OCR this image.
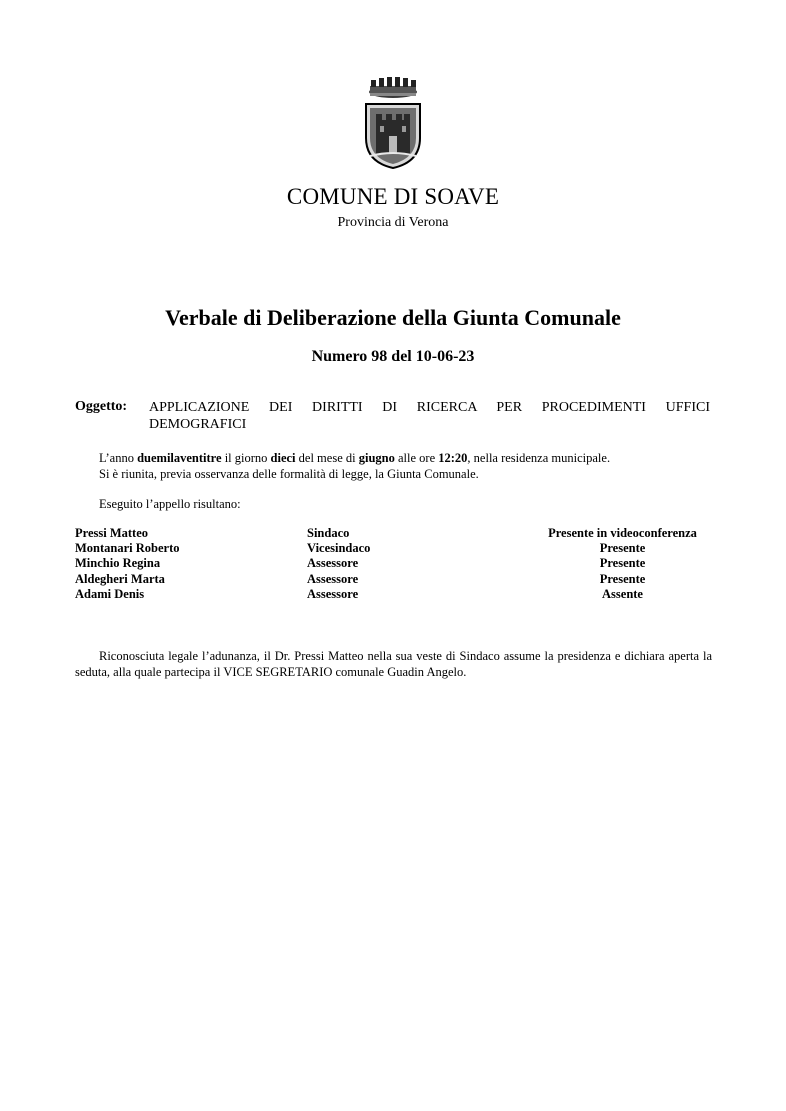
COMUNE DI SOAVE
Provincia di Verona
Verbale di Deliberazione della Giunta Comunale
Numero 98 del 10-06-23
Oggetto: APPLICAZIONE DEI DIRITTI DI RICERCA PER PROCEDIMENTI UFFICI
DEMOGRAFICI
L’anno duemilaventitre il giorno dieci del mese di giugno alle ore 12:20, nella residenza municipale.
Si è riunita, previa osservanza delle formalità di legge, la Giunta Comunale.
Eseguito l’appello risultano:
Pressi Matteo	Sindaco	Presente in videoconferenza
Montanari Roberto	Vicesindaco	Presente
Minchio Regina	Assessore	Presente
Aldegheri Marta	Assessore	Presente
Adami Denis	Assessore	Assente
Riconosciuta legale l’adunanza, il Dr. Pressi Matteo nella sua veste di Sindaco assume la presidenza e dichiara aperta la seduta, alla quale partecipa il VICE SEGRETARIO comunale Guadin Angelo.
